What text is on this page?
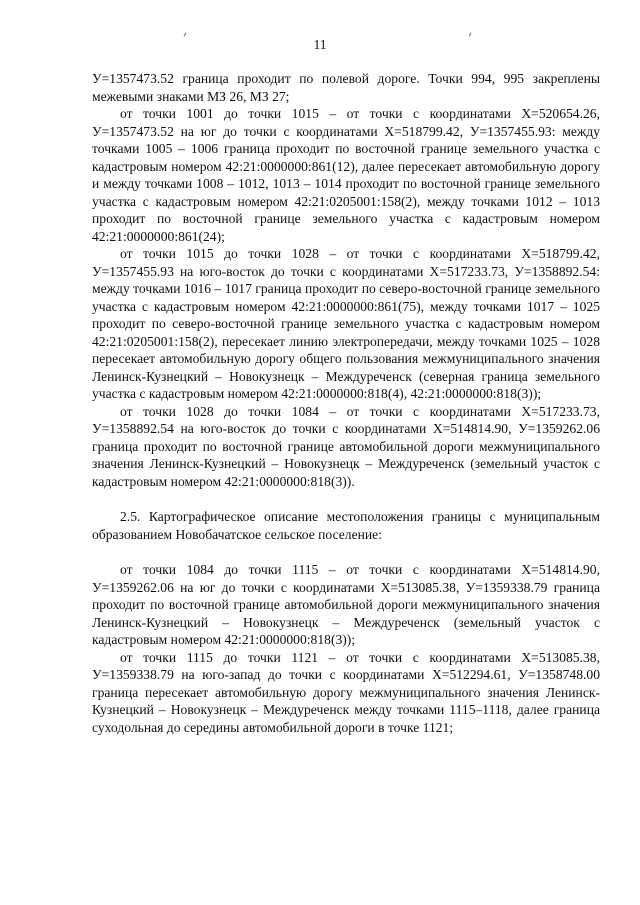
11

У=1357473.52 граница проходит по полевой дороге. Точки 994, 995 закреплены межевыми знаками МЗ 26, МЗ 27;

от точки 1001 до точки 1015 – от точки с координатами Х=520654.26, У=1357473.52 на юг до точки с координатами Х=518799.42, У=1357455.93: между точками 1005 – 1006 граница проходит по восточной границе земельного участка с кадастровым номером 42:21:0000000:861(12), далее пересекает автомобильную дорогу и между точками 1008 – 1012, 1013 – 1014 проходит по восточной границе земельного участка с кадастровым номером 42:21:0205001:158(2), между точками 1012 – 1013 проходит по восточной границе земельного участка с кадастровым номером 42:21:0000000:861(24);

от точки 1015 до точки 1028 – от точки с координатами Х=518799.42, У=1357455.93 на юго-восток до точки с координатами Х=517233.73, У=1358892.54: между точками 1016 – 1017 граница проходит по северо-восточной границе земельного участка с кадастровым номером 42:21:0000000:861(75), между точками 1017 – 1025 проходит по северо-восточной границе земельного участка с кадастровым номером 42:21:0205001:158(2), пересекает линию электропередачи, между точками 1025 – 1028 пересекает автомобильную дорогу общего пользования межмуниципального значения Ленинск-Кузнецкий – Новокузнецк – Междуреченск (северная граница земельного участка с кадастровым номером 42:21:0000000:818(4), 42:21:0000000:818(3));

от точки 1028 до точки 1084 – от точки с координатами Х=517233.73, У=1358892.54 на юго-восток до точки с координатами Х=514814.90, У=1359262.06 граница проходит по восточной границе автомобильной дороги межмуниципального значения Ленинск-Кузнецкий – Новокузнецк – Междуреченск (земельный участок с кадастровым номером 42:21:0000000:818(3)).

2.5. Картографическое описание местоположения границы с муниципальным образованием Новобачатское сельское поселение:

от точки 1084 до точки 1115 – от точки с координатами Х=514814.90, У=1359262.06 на юг до точки с координатами Х=513085.38, У=1359338.79 граница проходит по восточной границе автомобильной дороги межмуниципального значения Ленинск-Кузнецкий – Новокузнецк – Междуреченск (земельный участок с кадастровым номером 42:21:0000000:818(3));

от точки 1115 до точки 1121 – от точки с координатами Х=513085.38, У=1359338.79 на юго-запад до точки с координатами Х=512294.61, У=1358748.00 граница пересекает автомобильную дорогу межмуниципального значения Ленинск-Кузнецкий – Новокузнецк – Междуреченск между точками 1115–1118, далее граница суходольная до середины автомобильной дороги в точке 1121;
